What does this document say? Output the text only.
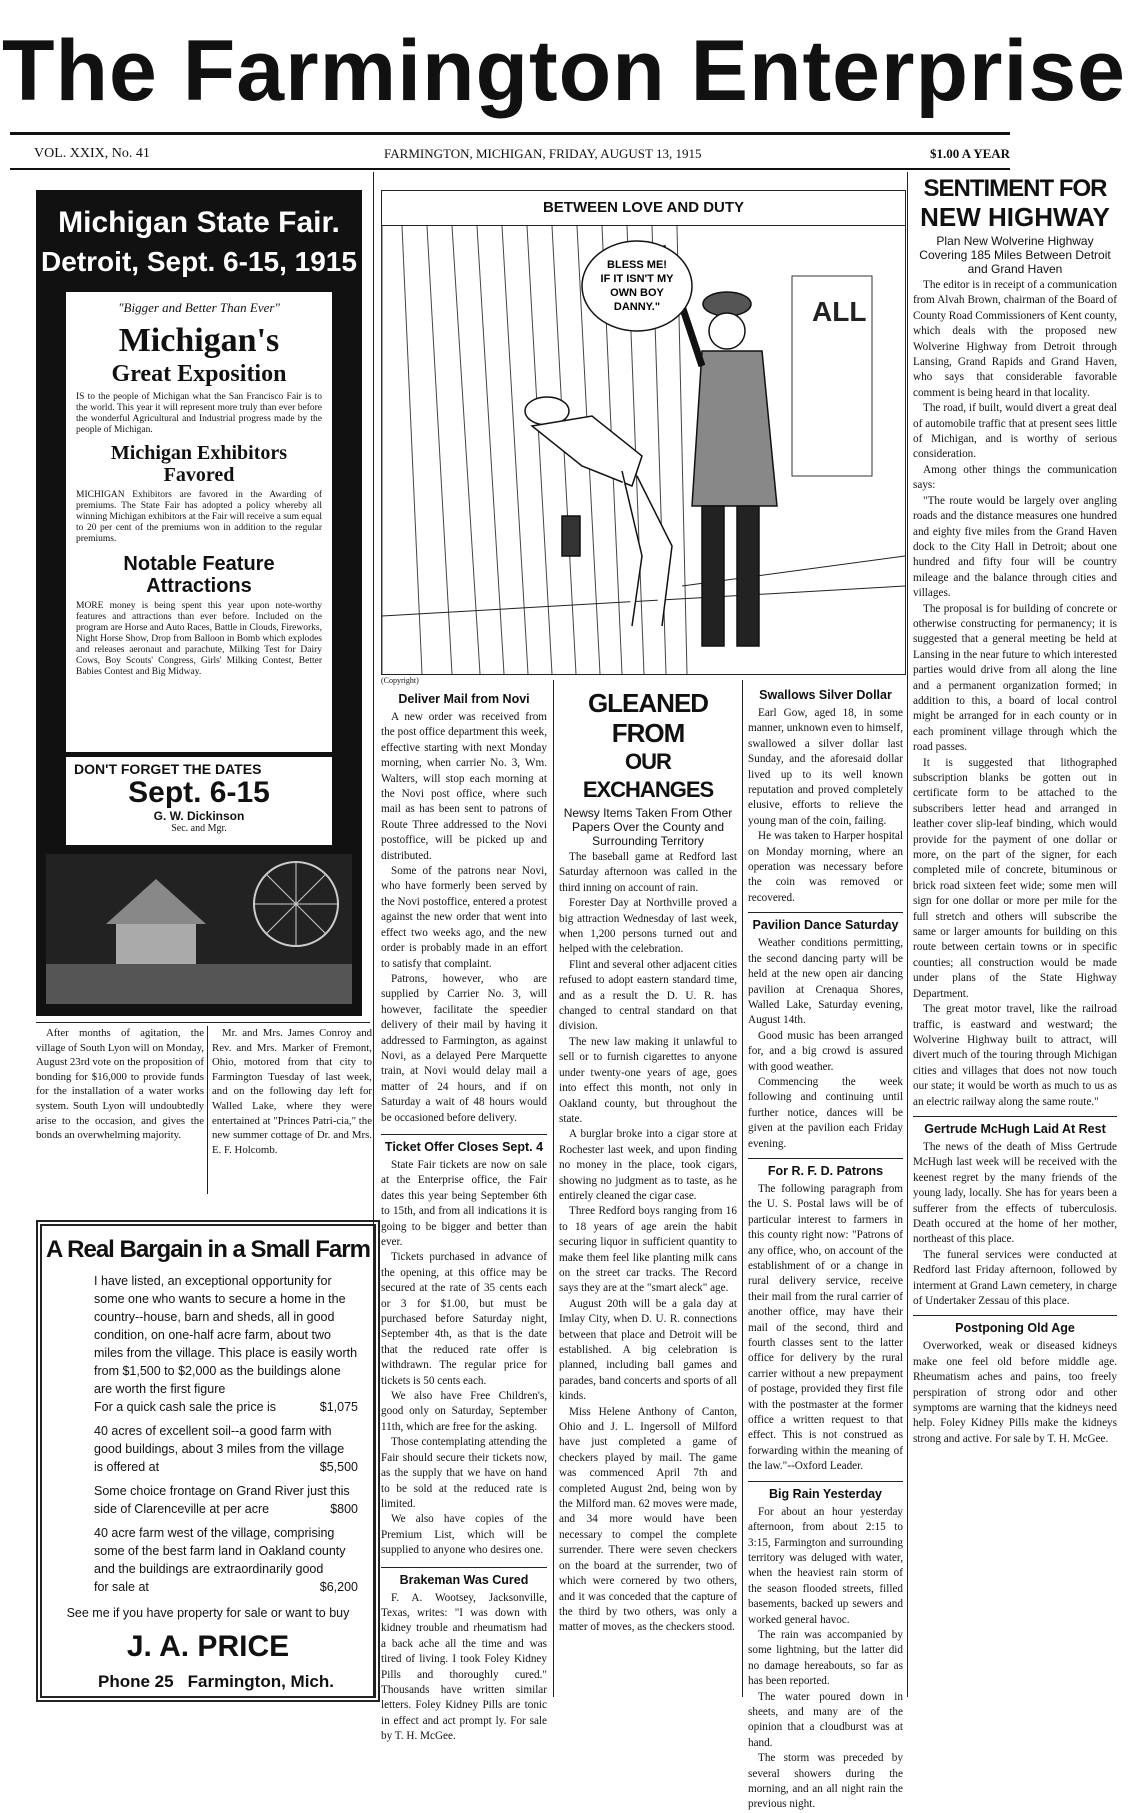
The Farmington Enterprise
VOL. XXIX, No. 41	FARMINGTON, MICHIGAN, FRIDAY, AUGUST 13, 1915	$1.00 A YEAR
Michigan State Fair.
Detroit, Sept. 6-15, 1915
"Bigger and Better Than Ever"
Michigan's
Great Exposition
IS to the people of Michigan what the San Francisco Fair is to the world. This year it will represent more truly than ever before the wonderful Agricultural and Industrial progress made by the people of Michigan.
Michigan Exhibitors
Favored
MICHIGAN Exhibitors are favored in the Awarding of premiums. The State Fair has adopted a policy whereby all winning Michigan exhibitors at the Fair will receive a sum equal to 20 per cent of the premiums won in addition to the regular premiums.
Notable Feature
Attractions
MORE money is being spent this year upon note-worthy features and attractions than ever before. Included on the program are Horse and Auto Races, Battle in Clouds, Fireworks, Night Horse Show, Drop from Balloon in Bomb which explodes and releases aeronaut and parachute, Milking Test for Dairy Cows, Boy Scouts' Congress, Girls' Milking Contest, Better Babies Contest and Big Midway.
DON'T FORGET THE DATES
Sept. 6-15
G. W. Dickinson
Sec. and Mgr.
BETWEEN LOVE AND DUTY
ALL
BLESS ME!
IF IT ISN'T MY
OWN BOY
DANNY."
(Copyright)
SENTIMENT FOR
NEW HIGHWAY
Plan New Wolverine Highway Covering 185 Miles Between Detroit and Grand Haven

The editor is in receipt of a communication from Alvah Brown, chairman of the Board of County Road Commissioners of Kent county, which deals with the proposed new Wolverine Highway from Detroit through Lansing, Grand Rapids and Grand Haven, who says that considerable favorable comment is being heard in that locality.

The road, if built, would divert a great deal of automobile traffic that at present sees little of Michigan, and is worthy of serious consideration.

Among other things the communication says:

"The route would be largely over angling roads and the distance measures one hundred and eighty five miles from the Grand Haven dock to the City Hall in Detroit; about one hundred and fifty four will be country mileage and the balance through cities and villages.

The proposal is for building of concrete or otherwise constructing for permanency; it is suggested that a general meeting be held at Lansing in the near future to which interested parties would drive from all along the line and a permanent organization formed; in addition to this, a board of local control might be arranged for in each county or in each prominent village through which the road passes.

It is suggested that lithographed subscription blanks be gotten out in certificate form to be attached to the subscribers letter head and arranged in leather cover slip-leaf binding, which would provide for the payment of one dollar or more, on the part of the signer, for each completed mile of concrete, bituminous or brick road sixteen feet wide; some men will sign for one dollar or more per mile for the full stretch and others will subscribe the same or larger amounts for building on this route between certain towns or in specific counties; all construction would be made under plans of the State Highway Department.

The great motor travel, like the railroad traffic, is eastward and westward; the Wolverine Highway built to attract, will divert much of the touring through Michigan cities and villages that does not now touch our state; it would be worth as much to us as an electric railway along the same route."

Gertrude McHugh Laid At Rest

The news of the death of Miss Gertrude McHugh last week will be received with the keenest regret by the many friends of the young lady, locally. She has for years been a sufferer from the effects of tuberculosis. Death occured at the home of her mother, northeast of this place.

The funeral services were conducted at Redford last Friday afternoon, followed by interment at Grand Lawn cemetery, in charge of Undertaker Zessau of this place.

Postponing Old Age

Overworked, weak or diseased kidneys make one feel old before middle age. Rheumatism aches and pains, too freely perspiration of strong odor and other symptoms are warning that the kidneys need help. Foley Kidney Pills make the kidneys strong and active. For sale by T. H. McGee.

Deliver Mail from Novi

A new order was received from the post office department this week, effective starting with next Monday morning, when carrier No. 3, Wm. Walters, will stop each morning at the Novi post office, where such mail as has been sent to patrons of Route Three addressed to the Novi postoffice, will be picked up and distributed.

Some of the patrons near Novi, who have formerly been served by the Novi postoffice, entered a protest against the new order that went into effect two weeks ago, and the new order is probably made in an effort to satisfy that complaint.

Patrons, however, who are supplied by Carrier No. 3, will however, facilitate the speedier delivery of their mail by having it addressed to Farmington, as against Novi, as a delayed Pere Marquette train, at Novi would delay mail a matter of 24 hours, and if on Saturday a wait of 48 hours would be occasioned before delivery.

Ticket Offer Closes Sept. 4

State Fair tickets are now on sale at the Enterprise office, the Fair dates this year being September 6th to 15th, and from all indications it is going to be bigger and better than ever.

Tickets purchased in advance of the opening, at this office may be secured at the rate of 35 cents each or 3 for $1.00, but must be purchased before Saturday night, September 4th, as that is the date that the reduced rate offer is withdrawn. The regular price for tickets is 50 cents each.

We also have Free Children's, good only on Saturday, September 11th, which are free for the asking.

Those contemplating attending the Fair should secure their tickets now, as the supply that we have on hand to be sold at the reduced rate is limited.

We also have copies of the Premium List, which will be supplied to anyone who desires one.

Brakeman Was Cured

F. A. Wootsey, Jacksonville, Texas, writes: "I was down with kidney trouble and rheumatism had a back ache all the time and was tired of living. I took Foley Kidney Pills and thoroughly cured." Thousands have written similar letters. Foley Kidney Pills are tonic in effect and act prompt ly. For sale by T. H. McGee.

GLEANED FROM
OUR EXCHANGES
Newsy Items Taken From Other Papers Over the County and Surrounding Territory

The baseball game at Redford last Saturday afternoon was called in the third inning on account of rain.

Forester Day at Northville proved a big attraction Wednesday of last week, when 1,200 persons turned out and helped with the celebration.

Flint and several other adjacent cities refused to adopt eastern standard time, and as a result the D. U. R. has changed to central standard on that division.

The new law making it unlawful to sell or to furnish cigarettes to anyone under twenty-one years of age, goes into effect this month, not only in Oakland county, but throughout the state.

A burglar broke into a cigar store at Rochester last week, and upon finding no money in the place, took cigars, showing no judgment as to taste, as he entirely cleaned the cigar case.

Three Redford boys ranging from 16 to 18 years of age arein the habit securing liquor in sufficient quantity to make them feel like planting milk cans on the street car tracks. The Record says they are at the "smart aleck" age.

August 20th will be a gala day at Imlay City, when D. U. R. connections between that place and Detroit will be established. A big celebration is planned, including ball games and parades, band concerts and sports of all kinds.

Miss Helene Anthony of Canton, Ohio and J. L. Ingersoll of Milford have just completed a game of checkers played by mail. The game was commenced April 7th and completed August 2nd, being won by the Milford man. 62 moves were made, and 34 more would have been necessary to compel the complete surrender. There were seven checkers on the board at the surrender, two of which were cornered by two others, and it was conceded that the capture of the third by two others, was only a matter of moves, as the checkers stood.

Swallows Silver Dollar

Earl Gow, aged 18, in some manner, unknown even to himself, swallowed a silver dollar last Sunday, and the aforesaid dollar lived up to its well known reputation and proved completely elusive, efforts to relieve the young man of the coin, failing.

He was taken to Harper hospital on Monday morning, where an operation was necessary before the coin was removed or recovered.

Pavilion Dance Saturday

Weather conditions permitting, the second dancing party will be held at the new open air dancing pavilion at Crenaqua Shores, Walled Lake, Saturday evening, August 14th.

Good music has been arranged for, and a big crowd is assured with good weather.

Commencing the week following and continuing until further notice, dances will be given at the pavilion each Friday evening.

For R. F. D. Patrons

The following paragraph from the U. S. Postal laws will be of particular interest to farmers in this county right now: "Patrons of any office, who, on account of the establishment of or a change in rural delivery service, receive their mail from the rural carrier of another office, may have their mail of the second, third and fourth classes sent to the latter office for delivery by the rural carrier without a new prepayment of postage, provided they first file with the postmaster at the former office a written request to that effect. This is not construed as forwarding within the meaning of the law."--Oxford Leader.

Big Rain Yesterday

For about an hour yesterday afternoon, from about 2:15 to 3:15, Farmington and surrounding territory was deluged with water, when the heaviest rain storm of the season flooded streets, filled basements, backed up sewers and worked general havoc.

The rain was accompanied by some lightning, but the latter did no damage hereabouts, so far as has been reported.

The water poured down in sheets, and many are of the opinion that a cloudburst was at hand.

The storm was preceded by several showers during the morning, and an all night rain the previous night.

After months of agitation, the village of South Lyon will on Monday, August 23rd vote on the proposition of bonding for $16,000 to provide funds for the installation of a water works system. South Lyon will undoubtedly arise to the occasion, and gives the bonds an overwhelming majority.

Mr. and Mrs. James Conroy and Rev. and Mrs. Marker of Fremont, Ohio, motored from that city to Farmington Tuesday of last week, and on the following day left for Walled Lake, where they were entertained at "Princes Patri-cia," the new summer cottage of Dr. and Mrs. E. F. Holcomb.

A Real Bargain in a Small Farm
I have listed, an exceptional opportunity for some one who wants to secure a home in the country--house, barn and sheds, all in good condition, on one-half acre farm, about two miles from the village. This place is easily worth from $1,500 to $2,000 as the buildings alone are worth the first figure
For a quick cash sale the price is	$1,075
40 acres of excellent soil--a good farm with good buildings, about 3 miles from the village
is offered at	$5,500
Some choice frontage on Grand River just this side of Clarenceville at per acre	$800
40 acre farm west of the village, comprising some of the best farm land in Oakland county and the buildings are extraordinarily good
for sale at	$6,200
See me if you have property for sale or want to buy
J. A. PRICE
Phone 25 Farmington, Mich.
